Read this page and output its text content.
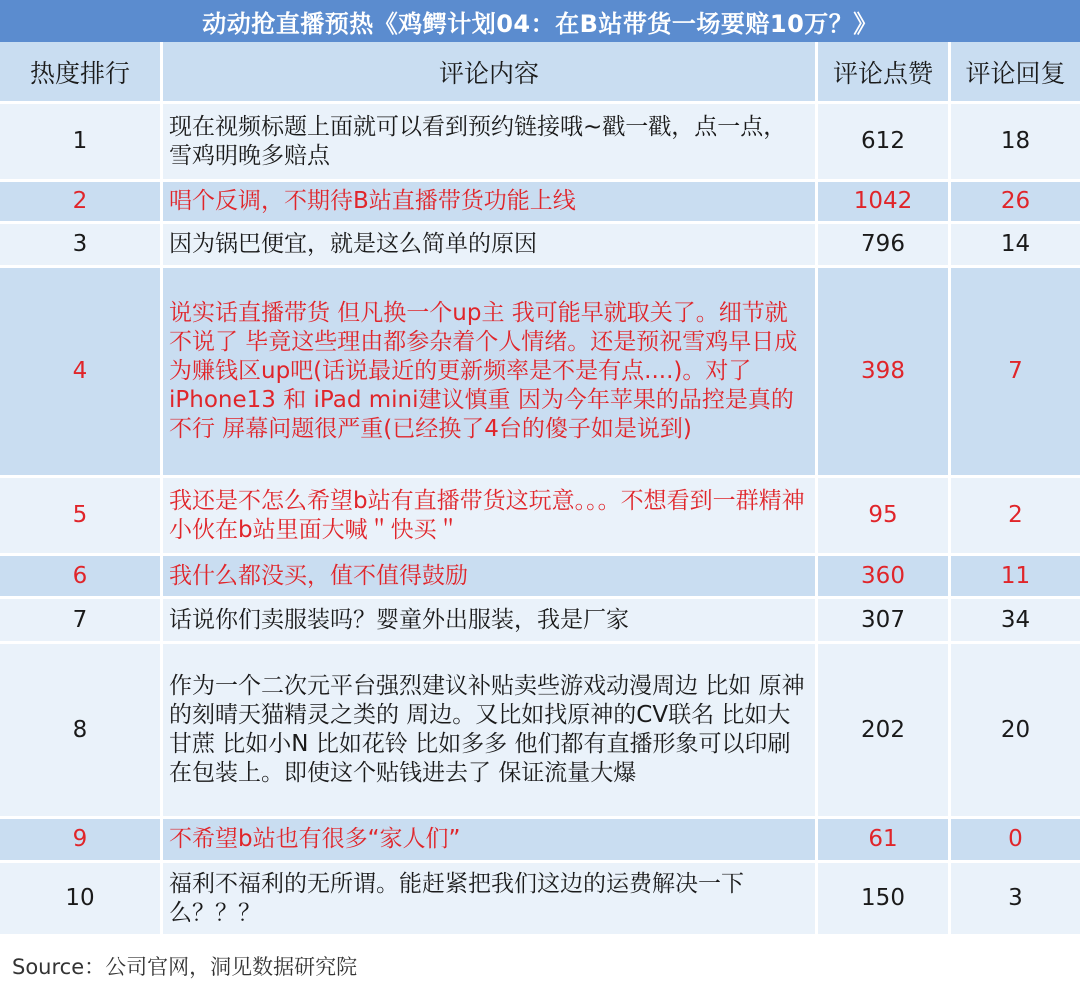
动动抢直播预热《鸡鳄计划04：在B站带货一场要赔10万？》
热度排行	评论内容	评论点赞	评论回复
1	现在视频标题上面就可以看到预约链接哦~戳一戳，点一点，雪鸡明晚多赔点	612	18
2	唱个反调，不期待B站直播带货功能上线	1042	26
3	因为锅巴便宜，就是这么简单的原因	796	14
4	说实话直播带货 但凡换一个up主 我可能早就取关了。细节就不说了 毕竟这些理由都参杂着个人情绪。还是预祝雪鸡早日成为赚钱区up吧(话说最近的更新频率是不是有点....)。对了 iPhone13 和 iPad mini建议慎重 因为今年苹果的品控是真的不行 屏幕问题很严重(已经换了4台的傻子如是说到)	398	7
5	我还是不怎么希望b站有直播带货这玩意。。。不想看到一群精神小伙在b站里面大喊＂快买＂	95	2
6	我什么都没买，值不值得鼓励	360	11
7	话说你们卖服装吗？婴童外出服装，我是厂家	307	34
8	作为一个二次元平台强烈建议补贴卖些游戏动漫周边 比如 原神的刻晴天猫精灵之类的 周边。又比如找原神的CV联名 比如大甘蔗 比如小N 比如花铃 比如多多 他们都有直播形象可以印刷在包装上。即使这个贴钱进去了 保证流量大爆	202	20
9	不希望b站也有很多“家人们”	61	0
10	福利不福利的无所谓。能赶紧把我们这边的运费解决一下么？？？	150	3
Source：公司官网，洞见数据研究院
